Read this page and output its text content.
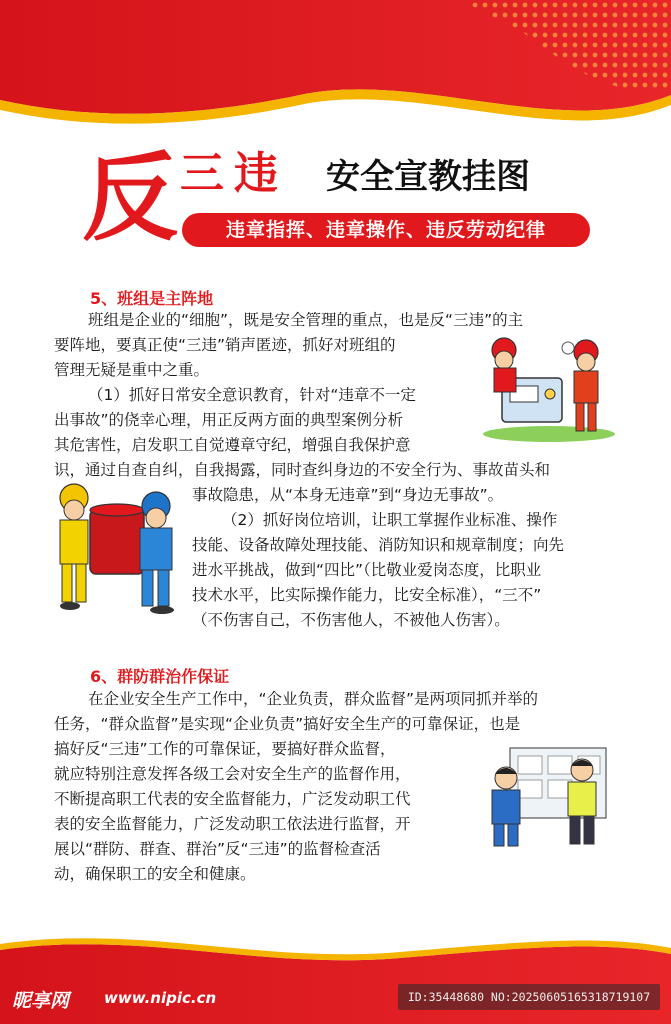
反 三违 安全宣教挂图
违章指挥、违章操作、违反劳动纪律
5、班组是主阵地
班组是企业的“细胞”，既是安全管理的重点，也是反“三违”的主
要阵地，要真正使“三违”销声匿迹，抓好对班组的
管理无疑是重中之重。
（1）抓好日常安全意识教育，针对“违章不一定
出事故”的侥幸心理，用正反两方面的典型案例分析
其危害性，启发职工自觉遵章守纪，增强自我保护意
识，通过自查自纠，自我揭露，同时查纠身边的不安全行为、事故苗头和
事故隐患，从“本身无违章”到“身边无事故”。
（2）抓好岗位培训，让职工掌握作业标准、操作
技能、设备故障处理技能、消防知识和规章制度；向先
进水平挑战，做到“四比”（比敬业爱岗态度，比职业
技术水平，比实际操作能力，比安全标准），“三不”
（不伤害自己，不伤害他人，不被他人伤害）。
6、群防群治作保证
在企业安全生产工作中，“企业负责，群众监督”是两项同抓并举的
任务，“群众监督”是实现“企业负责”搞好安全生产的可靠保证，也是
搞好反“三违”工作的可靠保证，要搞好群众监督，
就应特别注意发挥各级工会对安全生产的监督作用，
不断提高职工代表的安全监督能力，广泛发动职工代
表的安全监督能力，广泛发动职工依法进行监督，开
展以“群防、群查、群治”反“三违”的监督检查活
动，确保职工的安全和健康。
昵享网 www.nipic.cn	ID:35448680 NO:20250605165318719107
